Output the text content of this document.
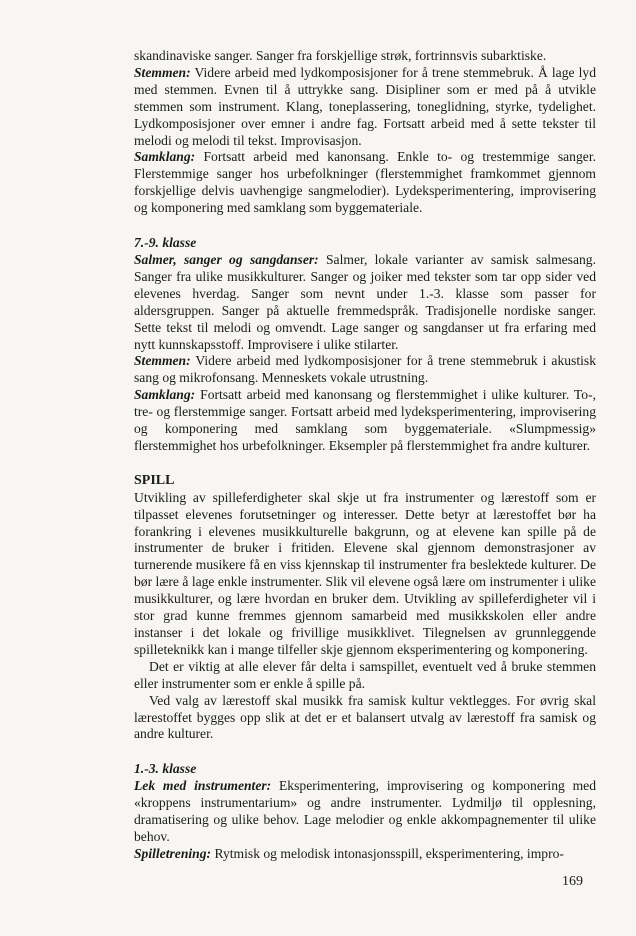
skandinaviske sanger. Sanger fra forskjellige strøk, fortrinnsvis subarktiske.

Stemmen: Videre arbeid med lydkomposisjoner for å trene stemmebruk. Å lage lyd med stemmen. Evnen til å uttrykke sang. Disipliner som er med på å utvikle stemmen som instrument. Klang, toneplassering, toneglidning, styrke, tydelighet. Lydkomposisjoner over emner i andre fag. Fortsatt arbeid med å sette tekster til melodi og melodi til tekst. Improvisasjon.

Samklang: Fortsatt arbeid med kanonsang. Enkle to- og trestemmige sanger. Flerstemmige sanger hos urbefolkninger (flerstemmighet framkommet gjennom forskjellige delvis uavhengige sangmelodier). Lydeksperimentering, improvisering og komponering med samklang som byggemateriale.

7.-9. klasse

Salmer, sanger og sangdanser: Salmer, lokale varianter av samisk salmesang. Sanger fra ulike musikkulturer. Sanger og joiker med tekster som tar opp sider ved elevenes hverdag. Sanger som nevnt under 1.-3. klasse som passer for aldersgruppen. Sanger på aktuelle fremmedspråk. Tradisjonelle nordiske sanger. Sette tekst til melodi og omvendt. Lage sanger og sangdanser ut fra erfaring med nytt kunnskapsstoff. Improvisere i ulike stilarter.

Stemmen: Videre arbeid med lydkomposisjoner for å trene stemmebruk i akustisk sang og mikrofonsang. Menneskets vokale utrustning.

Samklang: Fortsatt arbeid med kanonsang og flerstemmighet i ulike kulturer. To-, tre- og flerstemmige sanger. Fortsatt arbeid med lydeksperimentering, improvisering og komponering med samklang som byggemateriale. «Slumpmessig» flerstemmighet hos urbefolkninger. Eksempler på flerstemmighet fra andre kulturer.

SPILL

Utvikling av spilleferdigheter skal skje ut fra instrumenter og lærestoff som er tilpasset elevenes forutsetninger og interesser. Dette betyr at lærestoffet bør ha forankring i elevenes musikkulturelle bakgrunn, og at elevene kan spille på de instrumenter de bruker i fritiden. Elevene skal gjennom demonstrasjoner av turnerende musikere få en viss kjennskap til instrumenter fra beslektede kulturer. De bør lære å lage enkle instrumenter. Slik vil elevene også lære om instrumenter i ulike musikkulturer, og lære hvordan en bruker dem. Utvikling av spilleferdigheter vil i stor grad kunne fremmes gjennom samarbeid med musikkskolen eller andre instanser i det lokale og frivillige musikklivet. Tilegnelsen av grunnleggende spilleteknikk kan i mange tilfeller skje gjennom eksperimentering og komponering.

Det er viktig at alle elever får delta i samspillet, eventuelt ved å bruke stemmen eller instrumenter som er enkle å spille på.

Ved valg av lærestoff skal musikk fra samisk kultur vektlegges. For øvrig skal lærestoffet bygges opp slik at det er et balansert utvalg av lærestoff fra samisk og andre kulturer.

1.-3. klasse

Lek med instrumenter: Eksperimentering, improvisering og komponering med «kroppens instrumentarium» og andre instrumenter. Lydmiljø til opplesning, dramatisering og ulike behov. Lage melodier og enkle akkompagnementer til ulike behov.

Spilletrening: Rytmisk og melodisk intonasjonsspill, eksperimentering, impro-

169
